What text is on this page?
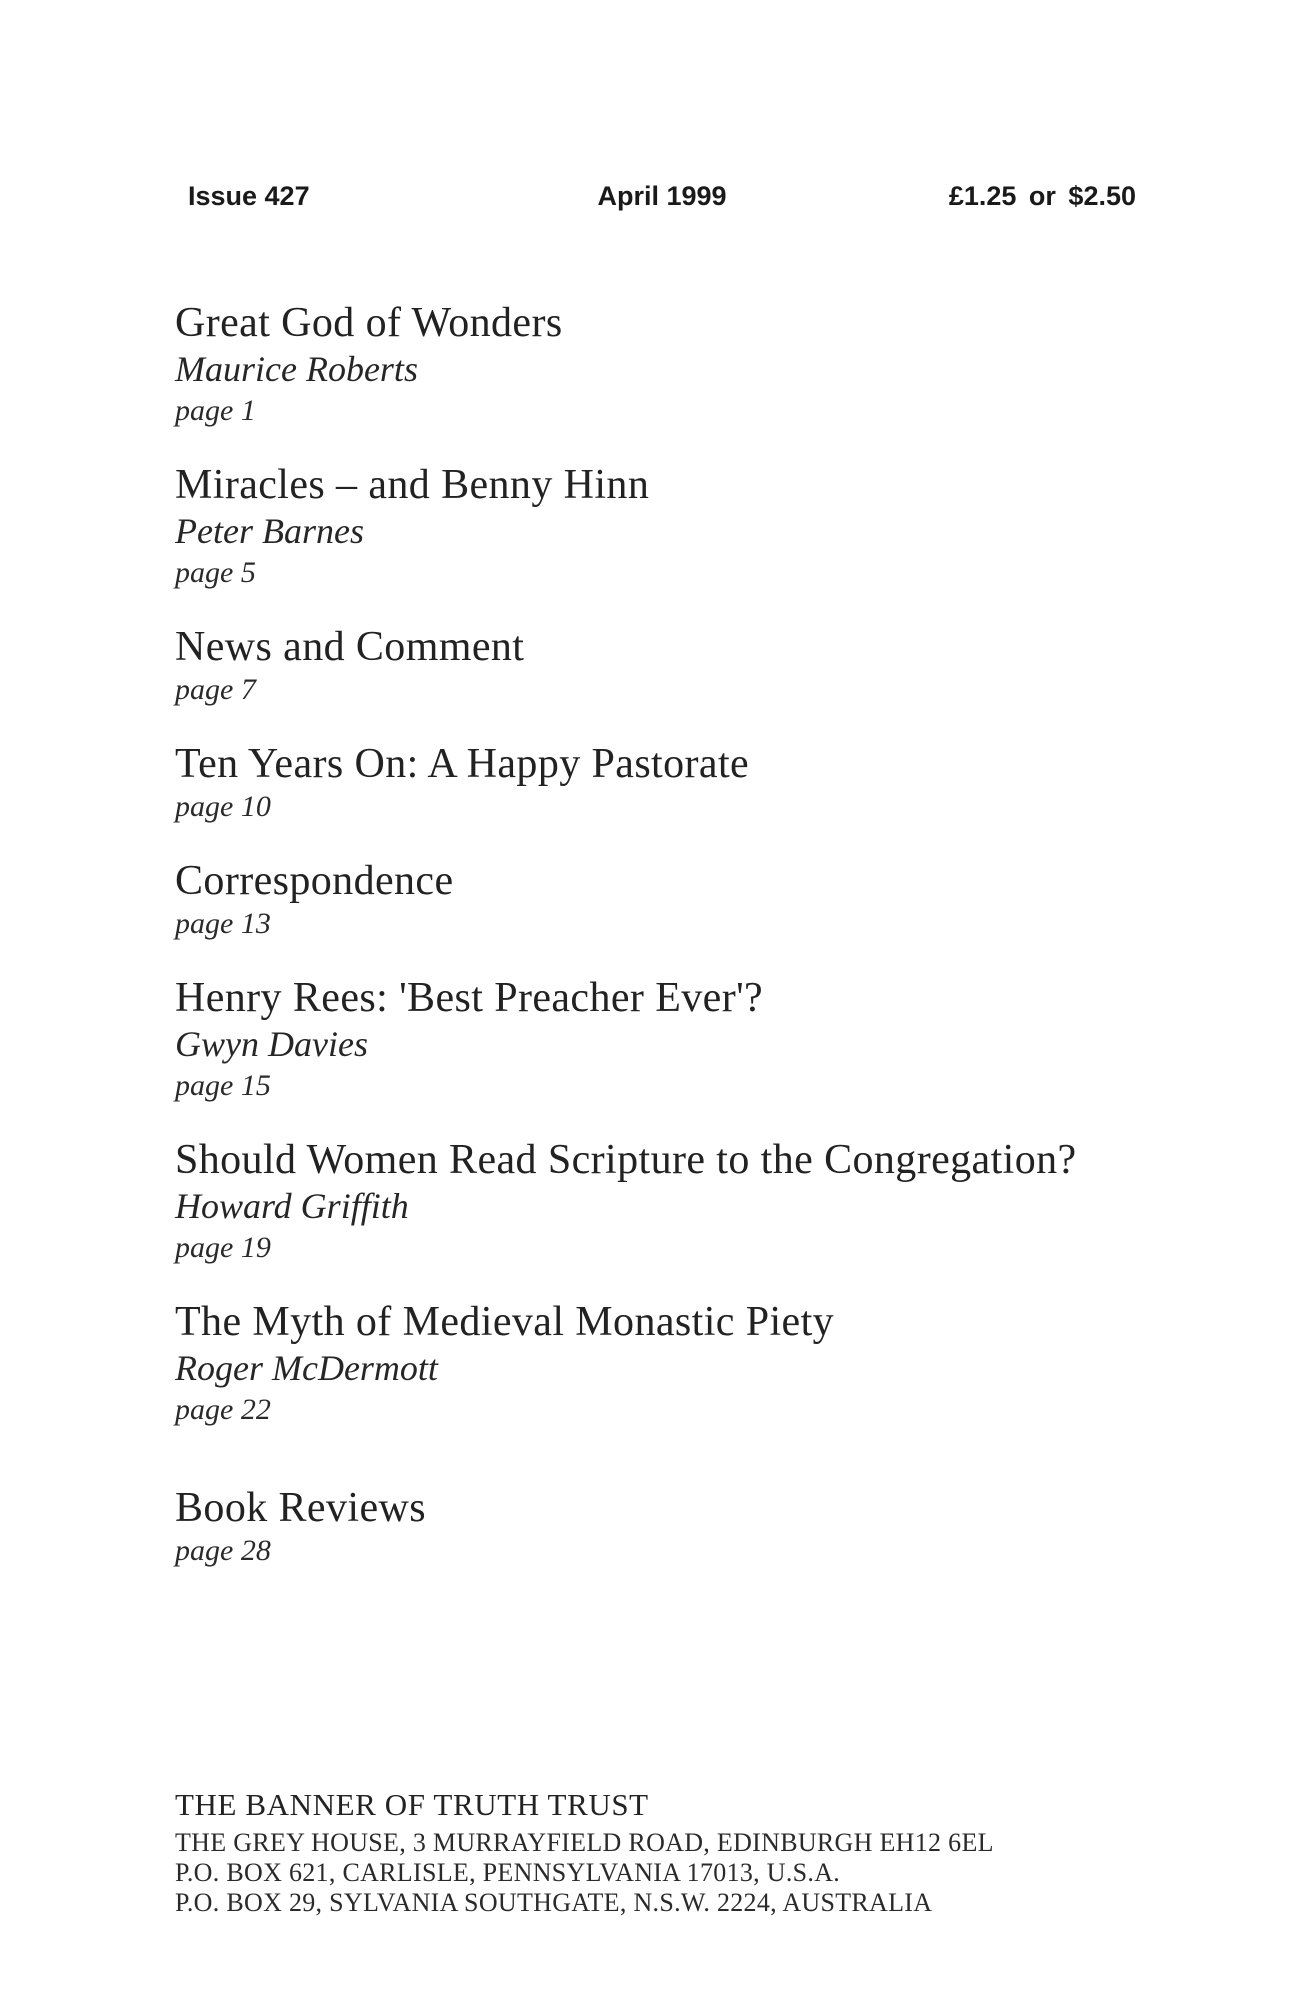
Issue 427	April 1999	£1.25 or $2.50
Great God of Wonders
Maurice Roberts
page 1
Miracles – and Benny Hinn
Peter Barnes
page 5
News and Comment
page 7
Ten Years On: A Happy Pastorate
page 10
Correspondence
page 13
Henry Rees: 'Best Preacher Ever'?
Gwyn Davies
page 15
Should Women Read Scripture to the Congregation?
Howard Griffith
page 19
The Myth of Medieval Monastic Piety
Roger McDermott
page 22
Book Reviews
page 28
THE BANNER OF TRUTH TRUST
THE GREY HOUSE, 3 MURRAYFIELD ROAD, EDINBURGH EH12 6EL
P.O. BOX 621, CARLISLE, PENNSYLVANIA 17013, U.S.A.
P.O. BOX 29, SYLVANIA SOUTHGATE, N.S.W. 2224, AUSTRALIA
